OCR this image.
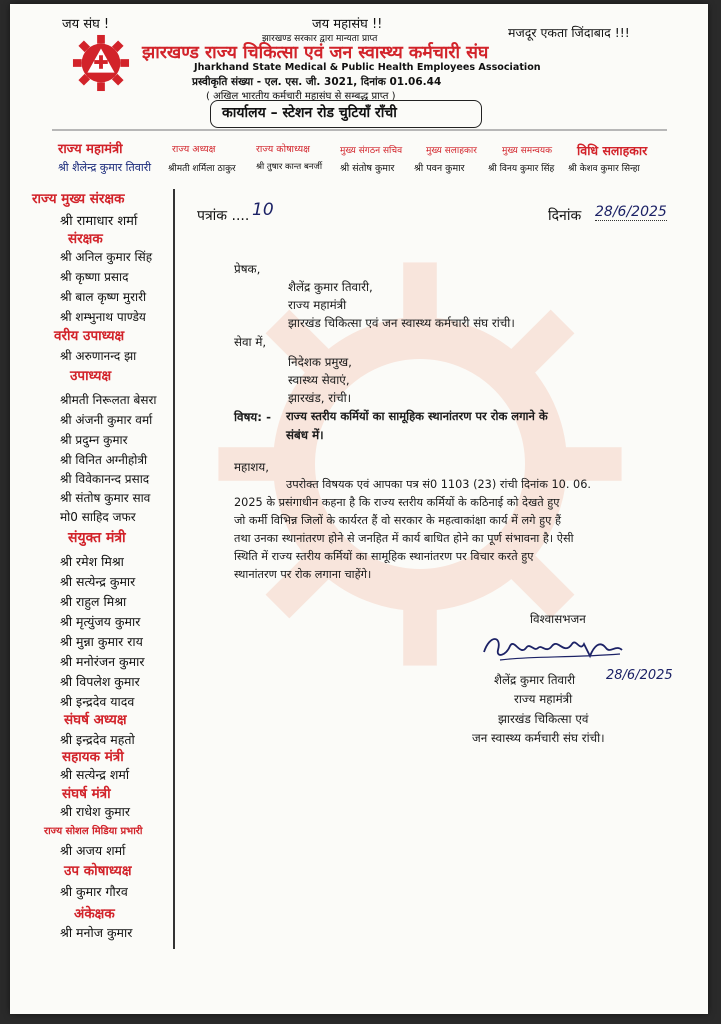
जय संघ !	जय महासंघ !!
मजदूर एकता जिंदाबाद !!!
झारखण्ड सरकार द्वारा मान्यता प्राप्त
झारखण्ड राज्य चिकित्सा एवं जन स्वास्थ्य कर्मचारी संघ
Jharkhand State Medical & Public Health Employees Association
प्रस्वीकृति संख्या - एल. एस. जी. 3021, दिनांक 01.06.44
( अखिल भारतीय कर्मचारी महासंघ से सम्बद्ध प्राप्त )
कार्यालय – स्टेशन रोड चुटियाँ राँची
राज्य महामंत्री
श्री शैलेन्द्र कुमार तिवारी
राज्य अध्यक्ष
श्रीमती शर्मिला ठाकुर
राज्य कोषाध्यक्ष
श्री तुषार कान्त बनर्जी
मुख्य संगठन सचिव
श्री संतोष कुमार
मुख्य सलाहकार
श्री पवन कुमार
मुख्य समन्वयक
श्री विनय कुमार सिंह
विधि सलाहकार
श्री केशव कुमार सिन्हा
राज्य मुख्य संरक्षक
श्री रामाधार शर्मा
संरक्षक
श्री अनिल कुमार सिंह
श्री कृष्णा प्रसाद
श्री बाल कृष्ण मुरारी
श्री शम्भुनाथ पाण्डेय
वरीय उपाध्यक्ष
श्री अरुणानन्द झा
उपाध्यक्ष
श्रीमती निरूलता बेसरा
श्री अंजनी कुमार वर्मा
श्री प्रदुम्न कुमार
श्री विनित अग्नीहोत्री
श्री विवेकानन्द प्रसाद
श्री संतोष कुमार साव
मो0 साहिद जफर
संयुक्त मंत्री
श्री रमेश मिश्रा
श्री सत्येन्द्र कुमार
श्री राहुल मिश्रा
श्री मृत्युंजय कुमार
श्री मुन्ना कुमार राय
श्री मनोरंजन कुमार
श्री विपलेश कुमार
श्री इन्द्रदेव यादव
संघर्ष अध्यक्ष
श्री इन्द्रदेव महतो
सहायक मंत्री
श्री सत्येन्द्र शर्मा
संघर्ष मंत्री
श्री राधेश कुमार
राज्य सोशल मिडिया प्रभारी
श्री अजय शर्मा
उप कोषाध्यक्ष
श्री कुमार गौरव
अंकेक्षक
श्री मनोज कुमार
पत्रांक .... 10	दिनांक 28/6/2025
प्रेषक,
शैलेंद्र कुमार तिवारी,
राज्य महामंत्री
झारखंड चिकित्सा एवं जन स्वास्थ्य कर्मचारी संघ रांची।
सेवा में,
निदेशक प्रमुख,
स्वास्थ्य सेवाएं,
झारखंड, रांची।
विषय: - राज्य स्तरीय कर्मियों का सामूहिक स्थानांतरण पर रोक लगाने के
संबंध में।
महाशय,
उपरोक्त विषयक एवं आपका पत्र सं0 1103 (23) रांची दिनांक 10. 06.
2025 के प्रसंगाधीन कहना है कि राज्य स्तरीय कर्मियों के कठिनाई को देखते हुए
जो कर्मी विभिन्न जिलों के कार्यरत हैं वो सरकार के महत्वाकांक्षा कार्य में लगे हुए हैं
तथा उनका स्थानांतरण होने से जनहित में कार्य बाधित होने का पूर्ण संभावना है। ऐसी
स्थिति में राज्य स्तरीय कर्मियों का सामूहिक स्थानांतरण पर विचार करते हुए
स्थानांतरण पर रोक लगाना चाहेंगे।
विश्वासभजन
शैलेंद्र कुमार तिवारी 28/6/2025
राज्य महामंत्री
झारखंड चिकित्सा एवं
जन स्वास्थ्य कर्मचारी संघ रांची।
